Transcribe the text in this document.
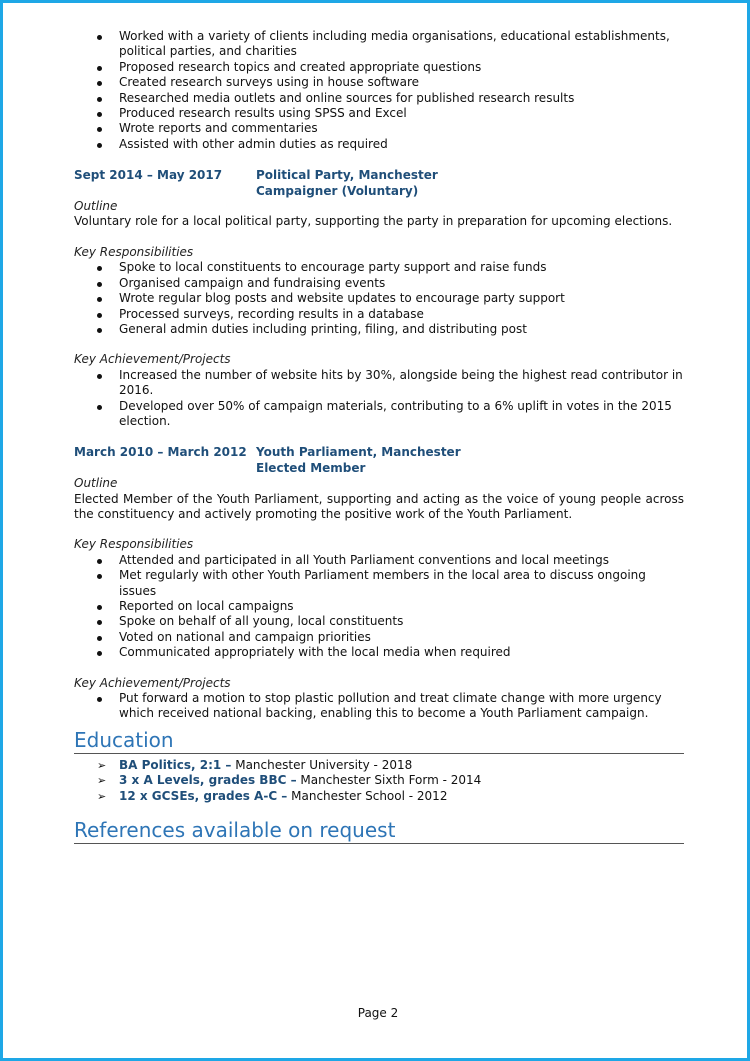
Worked with a variety of clients including media organisations, educational establishments, political parties, and charities
Proposed research topics and created appropriate questions
Created research surveys using in house software
Researched media outlets and online sources for published research results
Produced research results using SPSS and Excel
Wrote reports and commentaries
Assisted with other admin duties as required
Sept 2014 – May 2017	Political Party, Manchester
Campaigner (Voluntary)
Outline
Voluntary role for a local political party, supporting the party in preparation for upcoming elections.
Key Responsibilities
Spoke to local constituents to encourage party support and raise funds
Organised campaign and fundraising events
Wrote regular blog posts and website updates to encourage party support
Processed surveys, recording results in a database
General admin duties including printing, filing, and distributing post
Key Achievement/Projects
Increased the number of website hits by 30%, alongside being the highest read contributor in 2016.
Developed over 50% of campaign materials, contributing to a 6% uplift in votes in the 2015 election.
March 2010 – March 2012 Youth Parliament, Manchester
Elected Member
Outline
Elected Member of the Youth Parliament, supporting and acting as the voice of young people across the constituency and actively promoting the positive work of the Youth Parliament.
Key Responsibilities
Attended and participated in all Youth Parliament conventions and local meetings
Met regularly with other Youth Parliament members in the local area to discuss ongoing issues
Reported on local campaigns
Spoke on behalf of all young, local constituents
Voted on national and campaign priorities
Communicated appropriately with the local media when required
Key Achievement/Projects
Put forward a motion to stop plastic pollution and treat climate change with more urgency which received national backing, enabling this to become a Youth Parliament campaign.
Education
➢ BA Politics, 2:1 – Manchester University - 2018
➢ 3 x A Levels, grades BBC – Manchester Sixth Form - 2014
➢ 12 x GCSEs, grades A-C – Manchester School - 2012
References available on request
Page 2
